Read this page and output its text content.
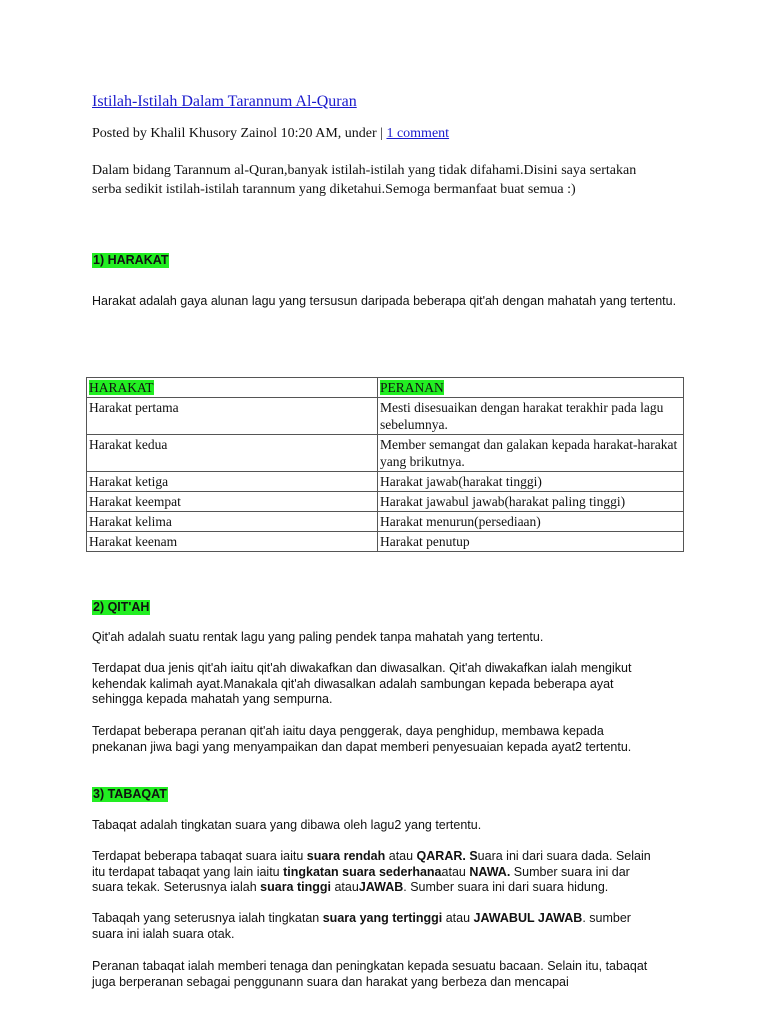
Istilah-Istilah Dalam Tarannum Al-Quran
Posted by Khalil Khusory Zainol 10:20 AM, under | 1 comment
Dalam bidang Tarannum al-Quran,banyak istilah-istilah yang tidak difahami.Disini saya sertakan serba sedikit istilah-istilah tarannum yang diketahui.Semoga bermanfaat buat semua :)
1) HARAKAT
Harakat adalah gaya alunan lagu yang tersusun daripada beberapa qit'ah dengan mahatah yang tertentu.
HARAKAT	PERANAN
Harakat pertama	Mesti disesuaikan dengan harakat terakhir pada lagu sebelumnya.
Harakat kedua	Member semangat dan galakan kepada harakat-harakat yang brikutnya.
Harakat ketiga	Harakat jawab(harakat tinggi)
Harakat keempat	Harakat jawabul jawab(harakat paling tinggi)
Harakat kelima	Harakat menurun(persediaan)
Harakat keenam	Harakat penutup
2) QIT'AH
Qit'ah adalah suatu rentak lagu yang paling pendek tanpa mahatah yang tertentu.
Terdapat dua jenis qit'ah iaitu qit'ah diwakafkan dan diwasalkan. Qit'ah diwakafkan ialah mengikut kehendak kalimah ayat.Manakala qit'ah diwasalkan adalah sambungan kepada beberapa ayat sehingga kepada mahatah yang sempurna.
Terdapat beberapa peranan qit'ah iaitu daya penggerak, daya penghidup, membawa kepada pnekanan jiwa bagi yang menyampaikan dan dapat memberi penyesuaian kepada ayat2 tertentu.
3) TABAQAT
Tabaqat adalah tingkatan suara yang dibawa oleh lagu2 yang tertentu.
Terdapat beberapa tabaqat suara iaitu suara rendah atau QARAR. Suara ini dari suara dada. Selain itu terdapat tabaqat yang lain iaitu tingkatan suara sederhanaatau NAWA. Sumber suara ini dar suara tekak. Seterusnya ialah suara tinggi atauJAWAB. Sumber suara ini dari suara hidung.
Tabaqah yang seterusnya ialah tingkatan suara yang tertinggi atau JAWABUL JAWAB. sumber suara ini ialah suara otak.
Peranan tabaqat ialah memberi tenaga dan peningkatan kepada sesuatu bacaan. Selain itu, tabaqat juga berperanan sebagai penggunann suara dan harakat yang berbeza dan mencapai
